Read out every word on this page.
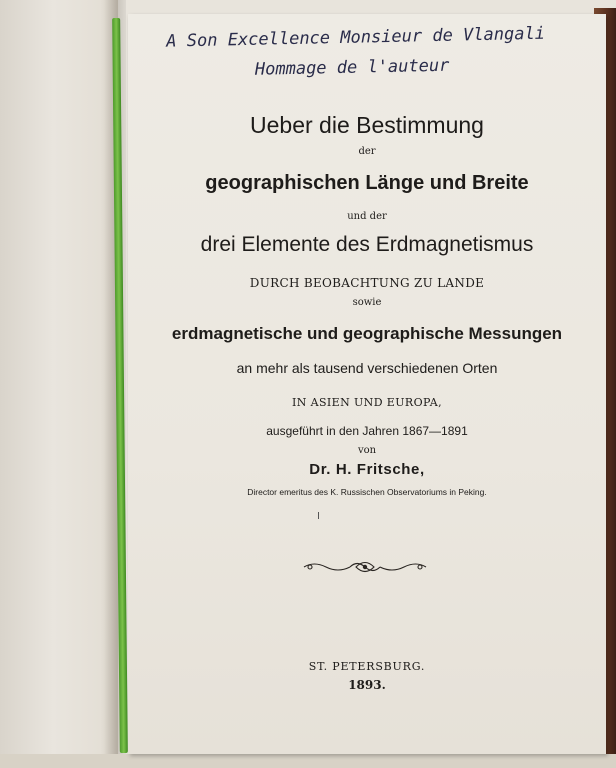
A Son Excellence Monsieur de Vlangali
Hommage de l'auteur
Ueber die Bestimmung
der
geographischen Länge und Breite
und der
drei Elemente des Erdmagnetismus
DURCH BEOBACHTUNG ZU LANDE
sowie
erdmagnetische und geographische Messungen
an mehr als tausend verschiedenen Orten
IN ASIEN UND EUROPA,
ausgeführt in den Jahren 1867—1891
von
Dr. H. Fritsche,
Director emeritus des K. Russischen Observatoriums in Peking.
ST. PETERSBURG.
1893.
